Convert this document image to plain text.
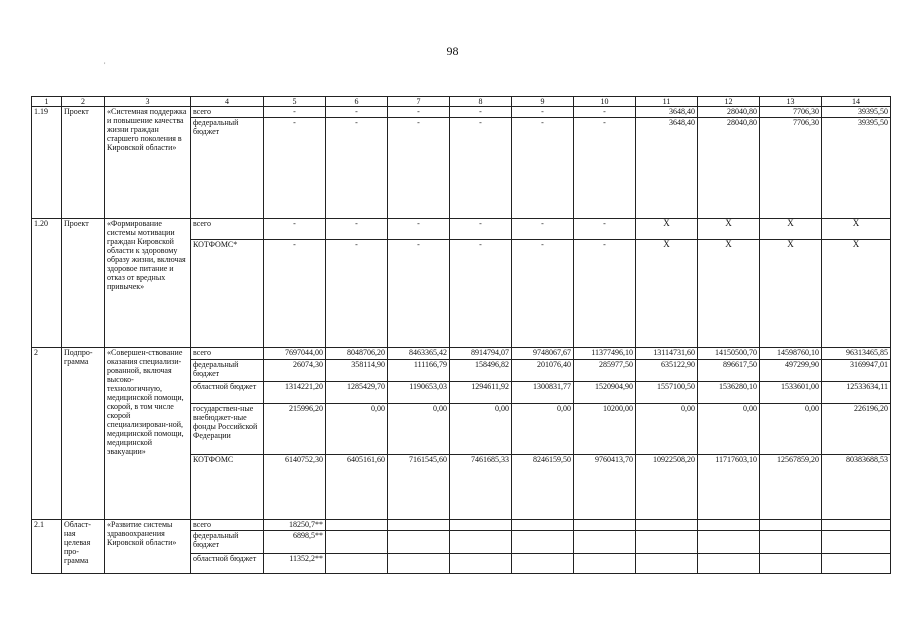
98
,
1	2	3	4	5	6	7	8	9	10	11	12	13	14
1.19	Проект	«Системная поддержка и повышение качества жизни граждан старшего поколения в Кировской области»	всего	-	-	-	-	-	-	3648,40	28040,80	7706,30	39395,50
			федеральный бюджет	-	-	-	-	-	-	3648,40	28040,80	7706,30	39395,50
1.20	Проект	«Формирование системы мотивации граждан Кировской области к здоровому образу жизни, включая здоровое питание и отказ от вредных привычек»	всего	-	-	-	-	-	-	X	X	X	X
			КОТФОМС*	-	-	-	-	-	-	X	X	X	X
2	Подпро-грамма	«Совершен-ствование оказания специализи-рованной, включая высоко-технологичную, медицинской помощи, скорой, в том числе скорой специализирован-ной, медицинской помощи, медицинской эвакуации»	всего	7697044,00	8048706,20	8463365,42	8914794,07	9748067,67	11377496,10	13114731,60	14150500,70	14598760,10	96313465,85
			федеральный бюджет	26074,30	358114,90	111166,79	158496,82	201076,40	285977,50	635122,90	896617,50	497299,90	3169947,01
			областной бюджет	1314221,20	1285429,70	1190653,03	1294611,92	1300831,77	1520904,90	1557100,50	1536280,10	1533601,00	12533634,11
			государствен-ные внебюджет-ные фонды Российской Федерации	215996,20	0,00	0,00	0,00	0,00	10200,00	0,00	0,00	0,00	226196,20
			КОТФОМС	6140752,30	6405161,60	7161545,60	7461685,33	8246159,50	9760413,70	10922508,20	11717603,10	12567859,20	80383688,53
2.1	Област-ная целевая про-грамма	«Развитие системы здравоохранения Кировской области»	всего	18250,7**									
			федеральный бюджет	6898,5**									
			областной бюджет	11352,2**									
